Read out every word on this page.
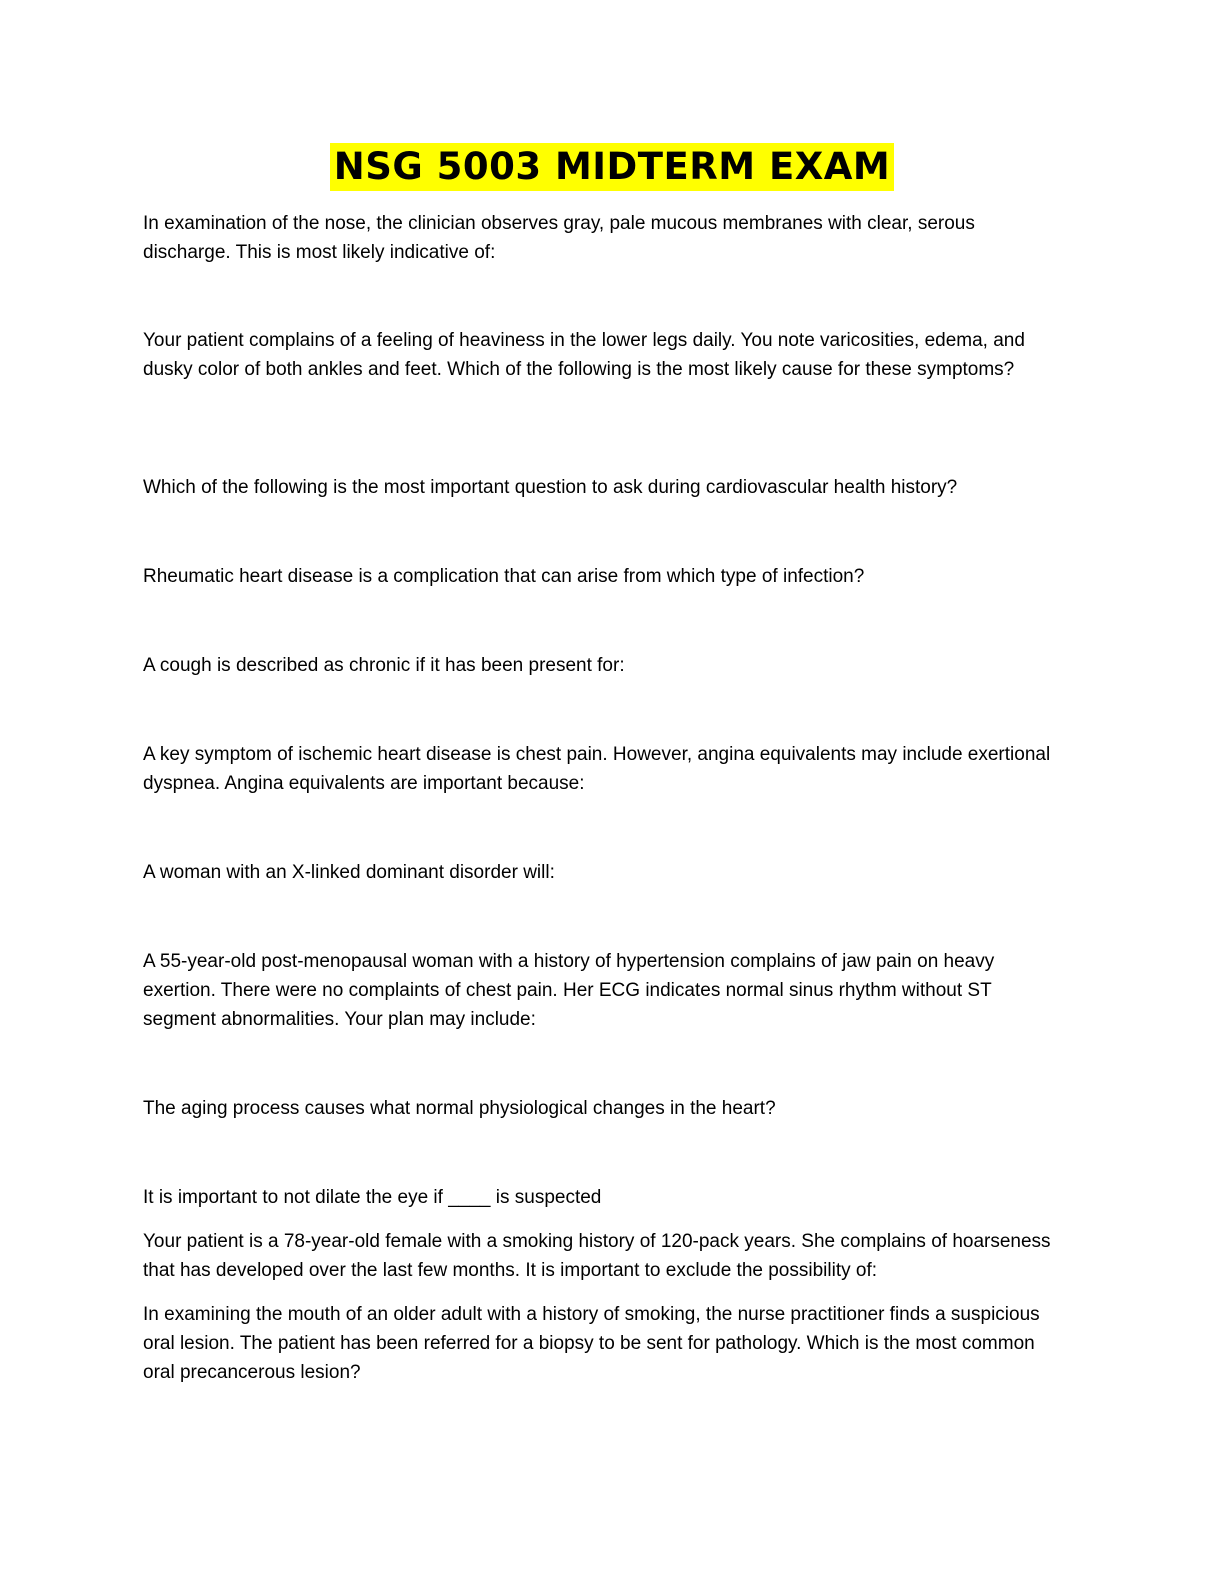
NSG 5003 MIDTERM EXAM

In examination of the nose, the clinician observes gray, pale mucous membranes with clear, serous discharge. This is most likely indicative of:

Your patient complains of a feeling of heaviness in the lower legs daily. You note varicosities, edema, and dusky color of both ankles and feet. Which of the following is the most likely cause for these symptoms?

Which of the following is the most important question to ask during cardiovascular health history?

Rheumatic heart disease is a complication that can arise from which type of infection?

A cough is described as chronic if it has been present for:

A key symptom of ischemic heart disease is chest pain. However, angina equivalents may include exertional dyspnea. Angina equivalents are important because:

A woman with an X-linked dominant disorder will:

A 55-year-old post-menopausal woman with a history of hypertension complains of jaw pain on heavy exertion. There were no complaints of chest pain. Her ECG indicates normal sinus rhythm without ST segment abnormalities. Your plan may include:

The aging process causes what normal physiological changes in the heart?

It is important to not dilate the eye if ____ is suspected

Your patient is a 78-year-old female with a smoking history of 120-pack years. She complains of hoarseness that has developed over the last few months. It is important to exclude the possibility of:

In examining the mouth of an older adult with a history of smoking, the nurse practitioner finds a suspicious oral lesion. The patient has been referred for a biopsy to be sent for pathology. Which is the most common oral precancerous lesion?
